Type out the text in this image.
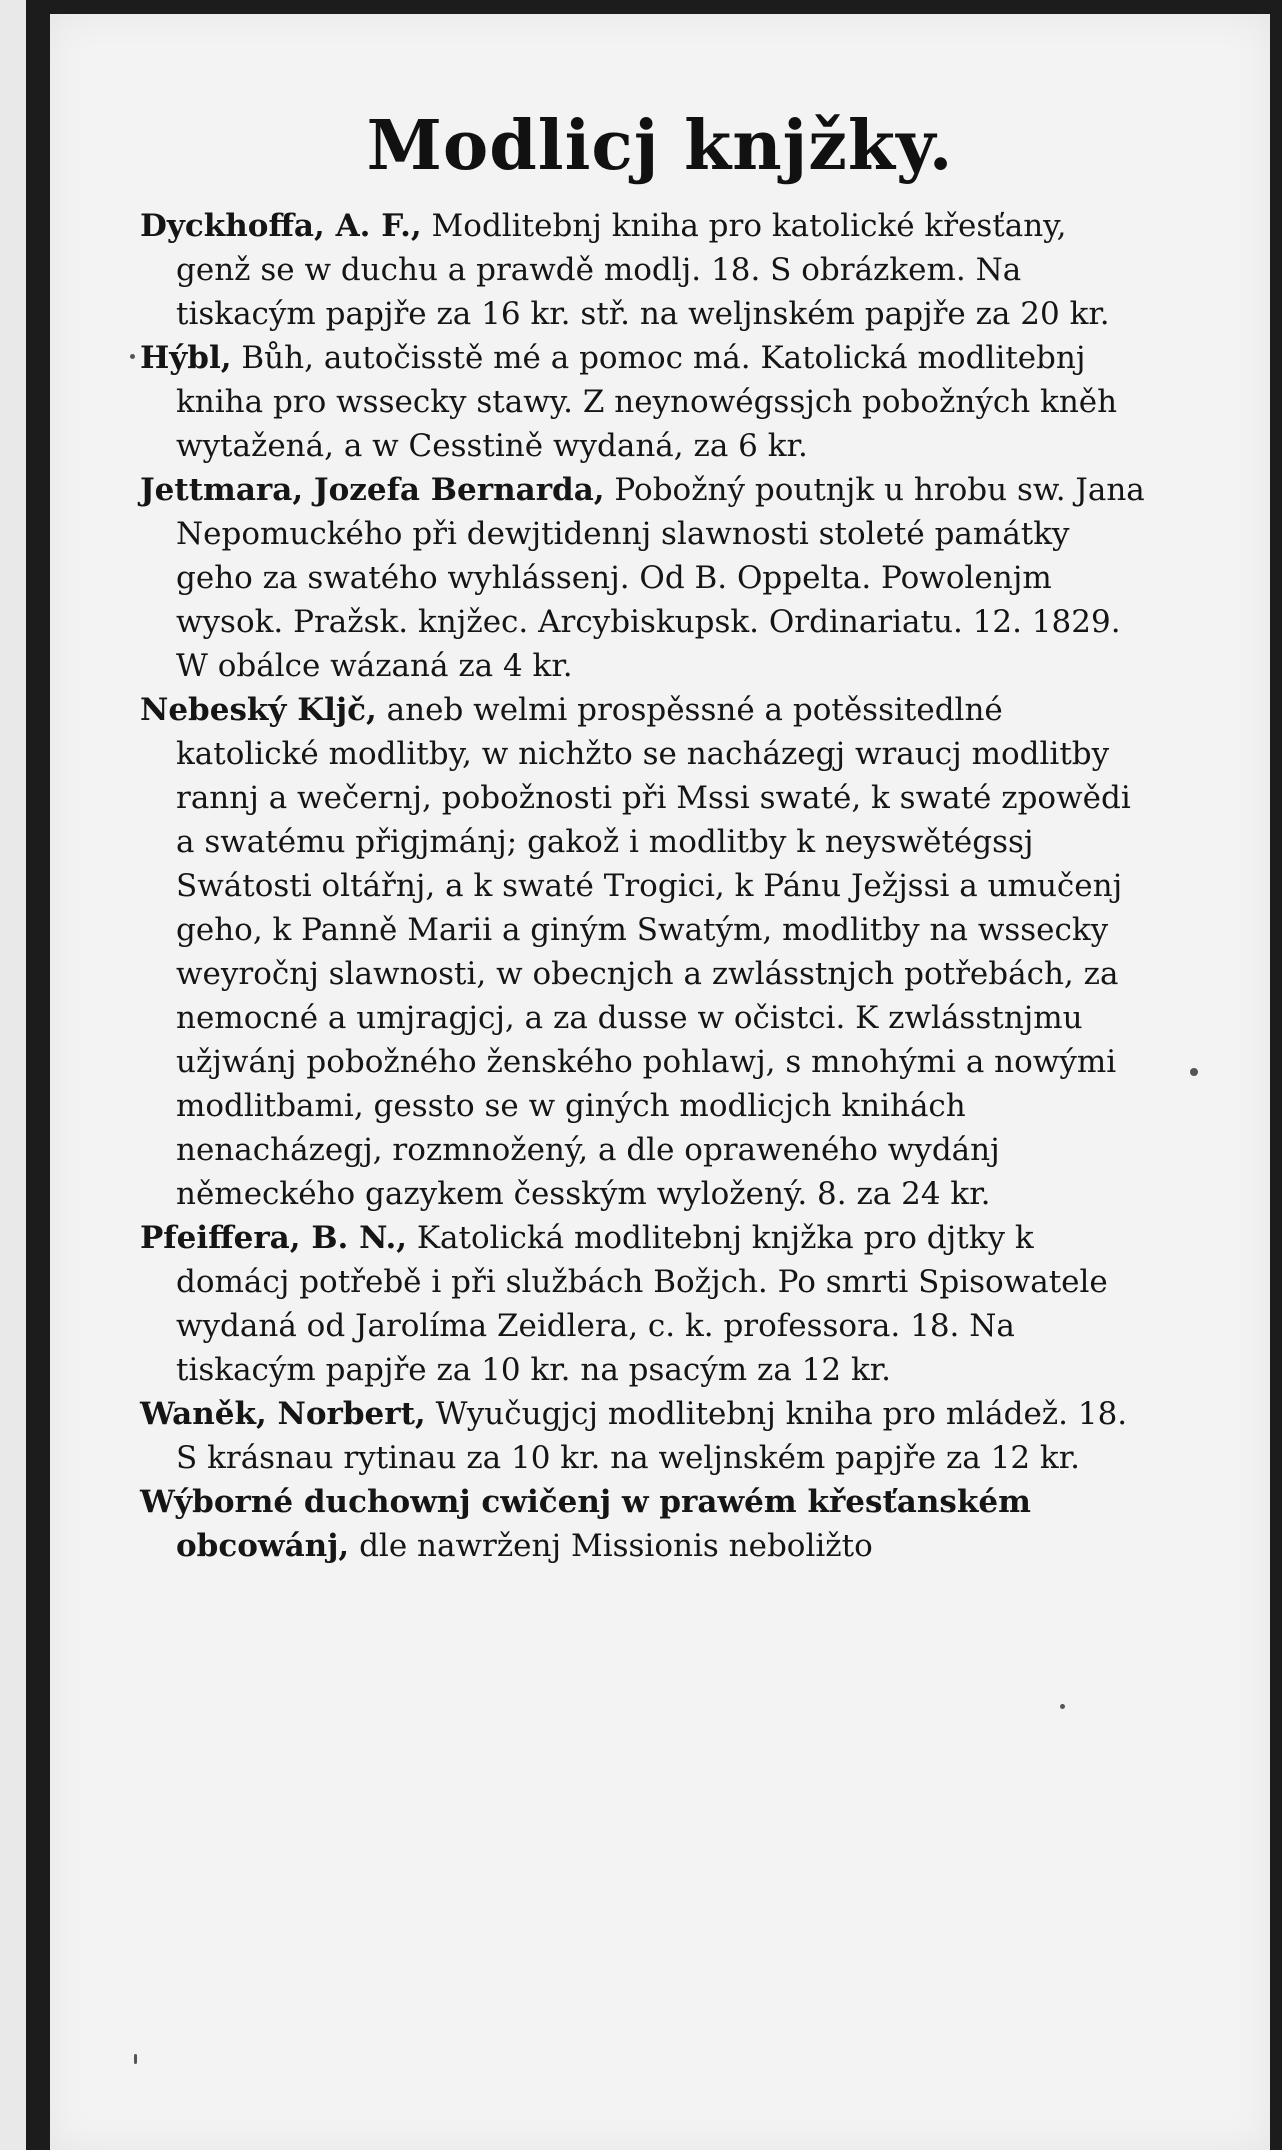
Modlicj knjžky.

Dyckhoffa, A. F., Modlitebnj kniha pro katolické křesťany, genž se w duchu a prawdě modlj. 18. S obrázkem. Na tiskacým papjře za 16 kr. stř. na weljnském papjře za 20 kr.

Hýbl, Bůh, autočisstě mé a pomoc má. Katolická modlitebnj kniha pro wssecky stawy. Z neynowégssjch pobožných kněh wytažená, a w Cesstině wydaná, za 6 kr.

Jettmara, Jozefa Bernarda, Pobožný poutnjk u hrobu sw. Jana Nepomuckého při dewjtidennj slawnosti stoleté památky geho za swatého wyhlássenj. Od B. Oppelta. Powolenjm wysok. Pražsk. knjžec. Arcybiskupsk. Ordinariatu. 12. 1829. W obálce wázaná za 4 kr.

Nebeský Kljč, aneb welmi prospěssné a potěssitedlné katolické modlitby, w nichžto se nacházegj wraucj modlitby rannj a wečernj, pobožnosti při Mssi swaté, k swaté zpowědi a swatému přigjmánj; gakož i modlitby k neyswětégssj Swátosti oltářnj, a k swaté Trogici, k Pánu Ježjssi a umučenj geho, k Panně Marii a giným Swatým, modlitby na wssecky weyročnj slawnosti, w obecnjch a zwlásstnjch potřebách, za nemocné a umjragjcj, a za dusse w očistci. K zwlásstnjmu užjwánj pobožného ženského pohlawj, s mnohými a nowými modlitbami, gessto se w giných modlicjch knihách nenacházegj, rozmnožený, a dle opraweného wydánj německého gazykem česským wyložený. 8. za 24 kr.

Pfeiffera, B. N., Katolická modlitebnj knjžka pro djtky k domácj potřebě i při službách Božjch. Po smrti Spisowatele wydaná od Jarolíma Zeidlera, c. k. professora. 18. Na tiskacým papjře za 10 kr. na psacým za 12 kr.

Waněk, Norbert, Wyučugjcj modlitebnj kniha pro mládež. 18. S krásnau rytinau za 10 kr. na weljnském papjře za 12 kr.

Wýborné duchownj cwičenj w prawém křesťanském obcowánj, dle nawrženj Missionis neboližto
